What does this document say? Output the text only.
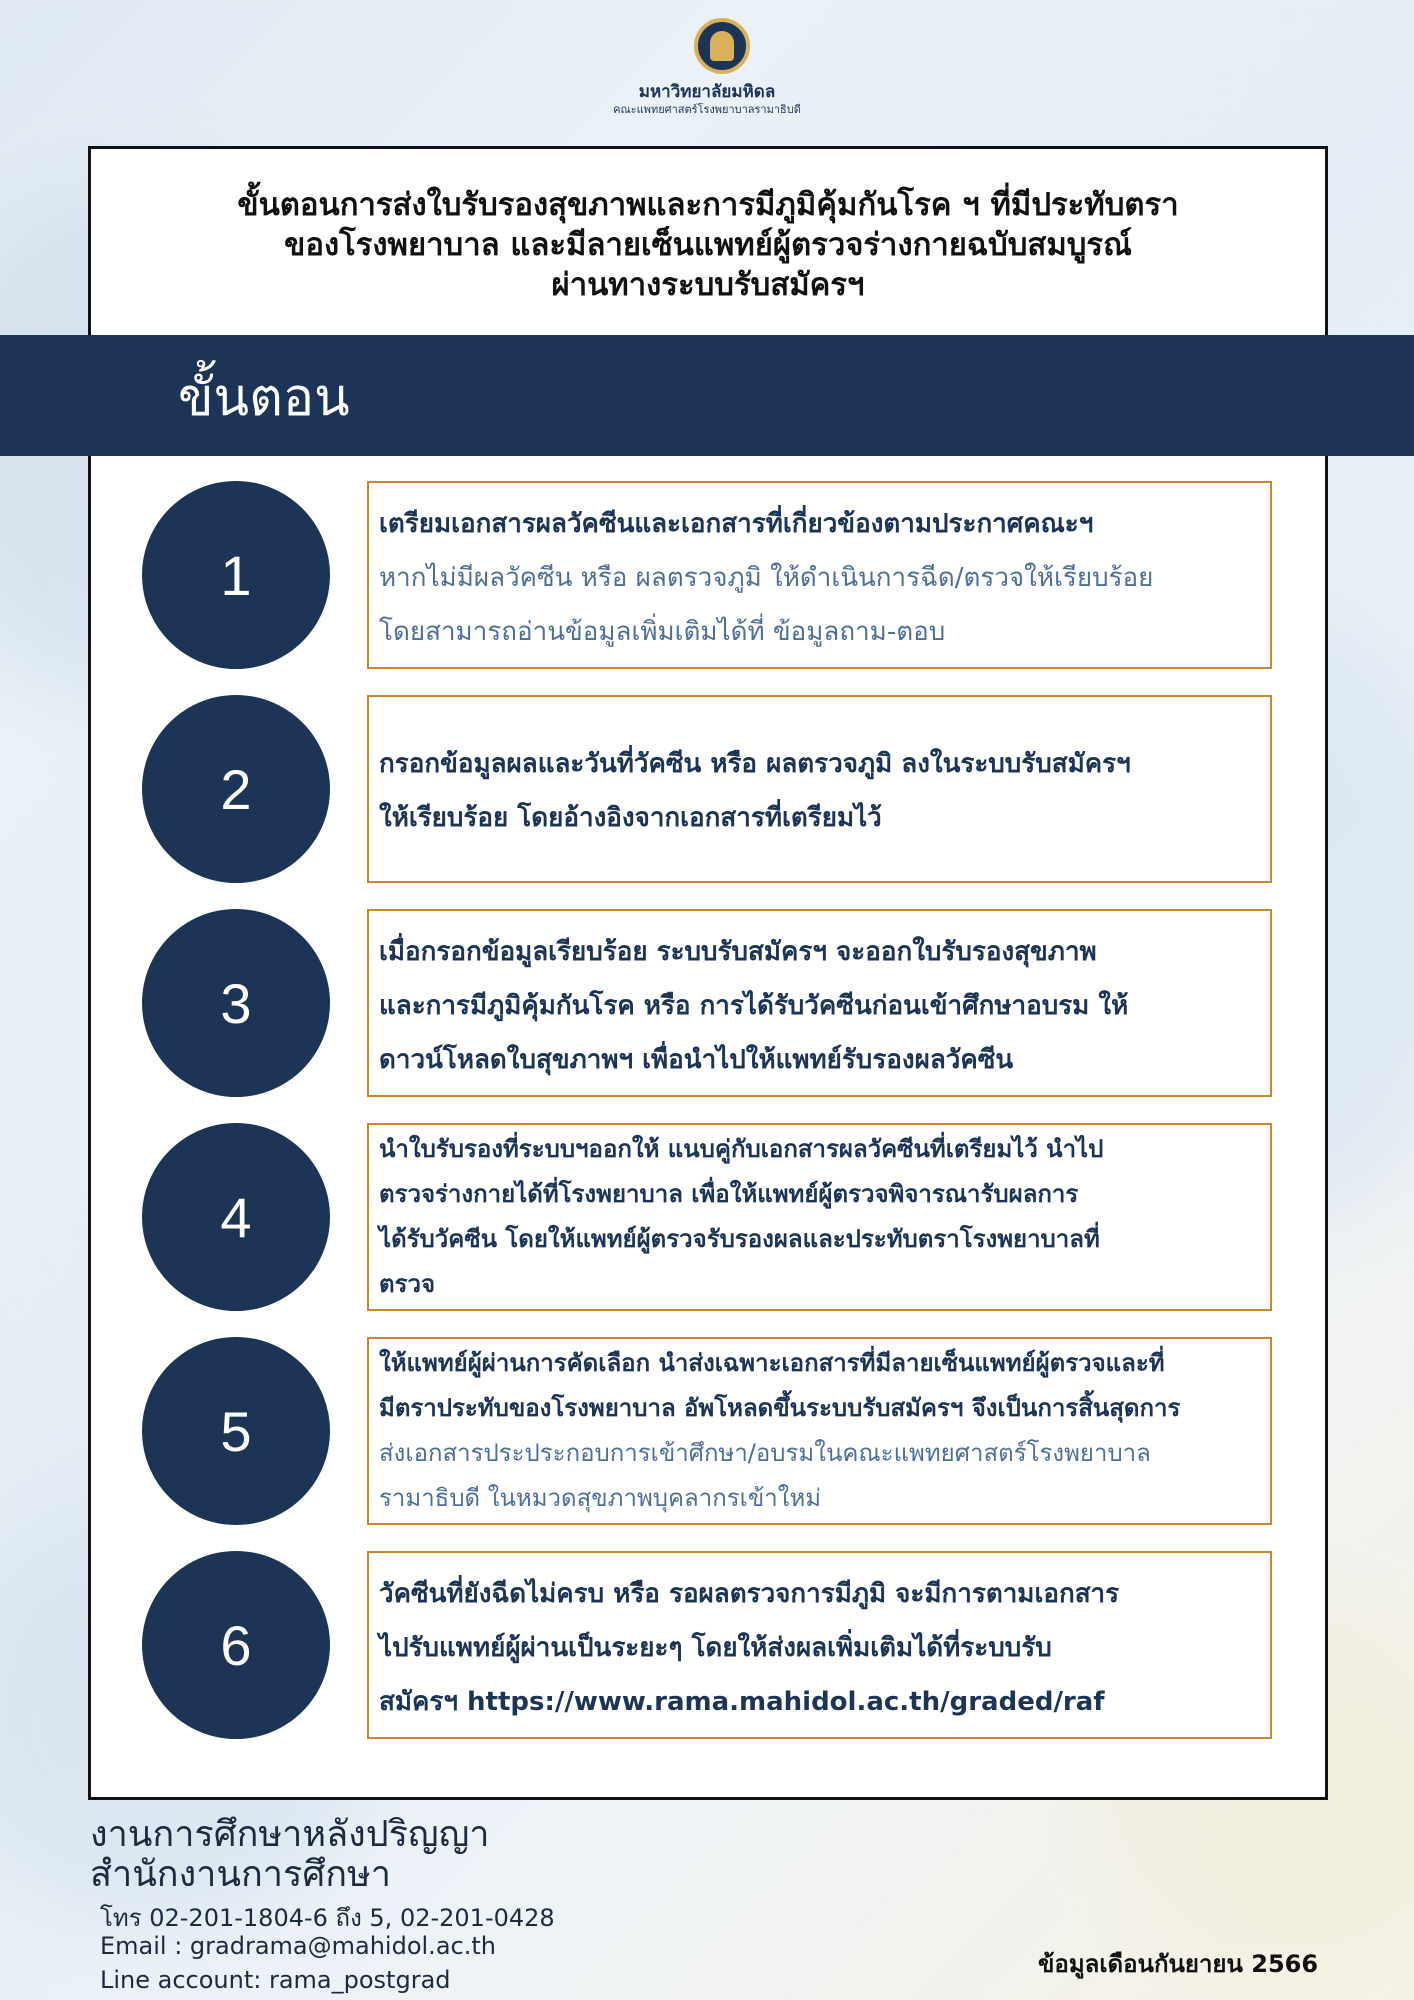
มหาวิทยาลัยมหิดล
คณะแพทยศาสตร์โรงพยาบาลรามาธิบดี
ขั้นตอนการส่งใบรับรองสุขภาพและการมีภูมิคุ้มกันโรค ฯ ที่มีประทับตรา
ของโรงพยาบาล และมีลายเซ็นแพทย์ผู้ตรวจร่างกายฉบับสมบูรณ์
ผ่านทางระบบรับสมัครฯ
ขั้นตอน
1
เตรียมเอกสารผลวัคซีนและเอกสารที่เกี่ยวข้องตามประกาศคณะฯ
หากไม่มีผลวัคซีน หรือ ผลตรวจภูมิ ให้ดำเนินการฉีด/ตรวจให้เรียบร้อย
โดยสามารถอ่านข้อมูลเพิ่มเติมได้ที่ ข้อมูลถาม-ตอบ
2	กรอกข้อมูลผลและวันที่วัคซีน หรือ ผลตรวจภูมิ ลงในระบบรับสมัครฯ
ให้เรียบร้อย โดยอ้างอิงจากเอกสารที่เตรียมไว้
3
เมื่อกรอกข้อมูลเรียบร้อย ระบบรับสมัครฯ จะออกใบรับรองสุขภาพ
และการมีภูมิคุ้มกันโรค หรือ การได้รับวัคซีนก่อนเข้าศึกษาอบรม ให้
ดาวน์โหลดใบสุขภาพฯ เพื่อนำไปให้แพทย์รับรองผลวัคซีน
4
นำใบรับรองที่ระบบฯออกให้ แนบคู่กับเอกสารผลวัคซีนที่เตรียมไว้ นำไป
ตรวจร่างกายได้ที่โรงพยาบาล เพื่อให้แพทย์ผู้ตรวจพิจารณารับผลการ
ได้รับวัคซีน โดยให้แพทย์ผู้ตรวจรับรองผลและประทับตราโรงพยาบาลที่
ตรวจ
5
ให้แพทย์ผู้ผ่านการคัดเลือก นำส่งเฉพาะเอกสารที่มีลายเซ็นแพทย์ผู้ตรวจและที่
มีตราประทับของโรงพยาบาล อัพโหลดขึ้นระบบรับสมัครฯ จึงเป็นการสิ้นสุดการ
ส่งเอกสารประประกอบการเข้าศึกษา/อบรมในคณะแพทยศาสตร์โรงพยาบาล
รามาธิบดี ในหมวดสุขภาพบุคลากรเข้าใหม่
6
วัคซีนที่ยังฉีดไม่ครบ หรือ รอผลตรวจการมีภูมิ จะมีการตามเอกสาร
ไปรับแพทย์ผู้ผ่านเป็นระยะๆ โดยให้ส่งผลเพิ่มเติมได้ที่ระบบรับ
สมัครฯ https://www.rama.mahidol.ac.th/graded/raf
งานการศึกษาหลังปริญญา
สำนักงานการศึกษา
โทร 02-201-1804-6 ถึง 5, 02-201-0428
Email : gradrama@mahidol.ac.th
Line account: rama_postgrad
ข้อมูลเดือนกันยายน 2566
